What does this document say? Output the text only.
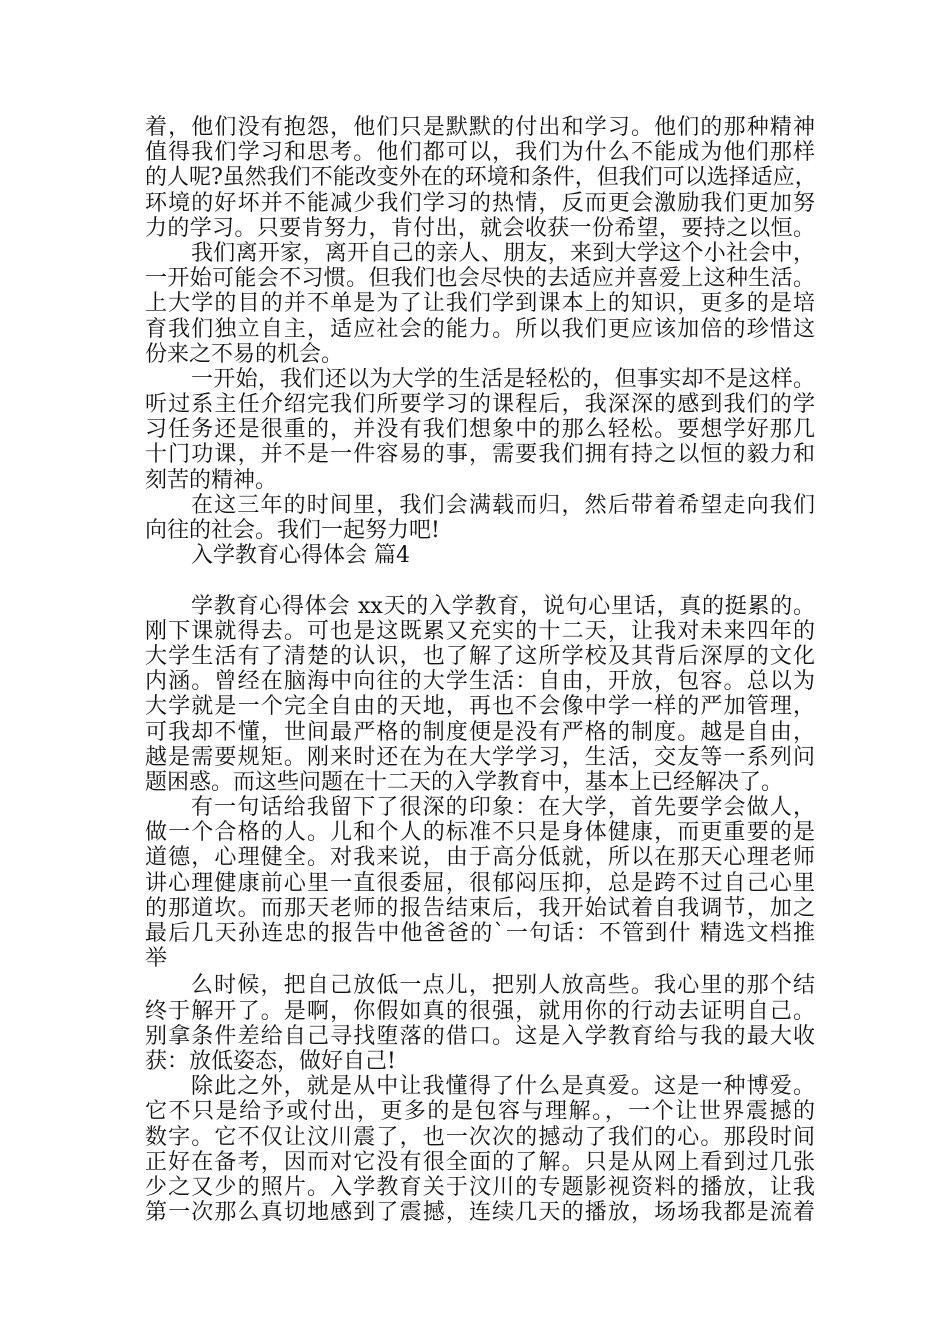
着，他们没有抱怨，他们只是默默的付出和学习。他们的那种精神
值得我们学习和思考。他们都可以，我们为什么不能成为他们那样
的人呢?虽然我们不能改变外在的环境和条件，但我们可以选择适应，
环境的好坏并不能减少我们学习的热情，反而更会激励我们更加努
力的学习。只要肯努力，肯付出，就会收获一份希望，要持之以恒。
我们离开家，离开自己的亲人、朋友，来到大学这个小社会中，
一开始可能会不习惯。但我们也会尽快的去适应并喜爱上这种生活。
上大学的目的并不单是为了让我们学到课本上的知识，更多的是培
育我们独立自主，适应社会的能力。所以我们更应该加倍的珍惜这
份来之不易的机会。
一开始，我们还以为大学的生活是轻松的，但事实却不是这样。
听过系主任介绍完我们所要学习的课程后，我深深的感到我们的学
习任务还是很重的，并没有我们想象中的那么轻松。要想学好那几
十门功课，并不是一件容易的事，需要我们拥有持之以恒的毅力和
刻苦的精神。
在这三年的时间里，我们会满载而归，然后带着希望走向我们
向往的社会。我们一起努力吧!
入学教育心得体会 篇4
学教育心得体会 xx天的入学教育，说句心里话，真的挺累的。
刚下课就得去。可也是这既累又充实的十二天，让我对未来四年的
大学生活有了清楚的认识，也了解了这所学校及其背后深厚的文化
内涵。曾经在脑海中向往的大学生活：自由，开放，包容。总以为
大学就是一个完全自由的天地，再也不会像中学一样的严加管理，
可我却不懂，世间最严格的制度便是没有严格的制度。越是自由，
越是需要规矩。刚来时还在为在大学学习，生活，交友等一系列问
题困惑。而这些问题在十二天的入学教育中，基本上已经解决了。
有一句话给我留下了很深的印象：在大学，首先要学会做人，
做一个合格的人。儿和个人的标准不只是身体健康，而更重要的是
道德，心理健全。对我来说，由于高分低就，所以在那天心理老师
讲心理健康前心里一直很委屈，很郁闷压抑，总是跨不过自己心里
的那道坎。而那天老师的报告结束后，我开始试着自我调节，加之
最后几天孙连忠的报告中他爸爸的`一句话：不管到什 精选文档推
举
么时候，把自己放低一点儿，把别人放高些。我心里的那个结
终于解开了。是啊，你假如真的很强，就用你的行动去证明自己。
别拿条件差给自己寻找堕落的借口。这是入学教育给与我的最大收
获：放低姿态，做好自己!
除此之外，就是从中让我懂得了什么是真爱。这是一种博爱。
它不只是给予或付出，更多的是包容与理解。，一个让世界震撼的
数字。它不仅让汶川震了，也一次次的撼动了我们的心。那段时间
正好在备考，因而对它没有很全面的了解。只是从网上看到过几张
少之又少的照片。入学教育关于汶川的专题影视资料的播放，让我
第一次那么真切地感到了震撼，连续几天的播放，场场我都是流着
